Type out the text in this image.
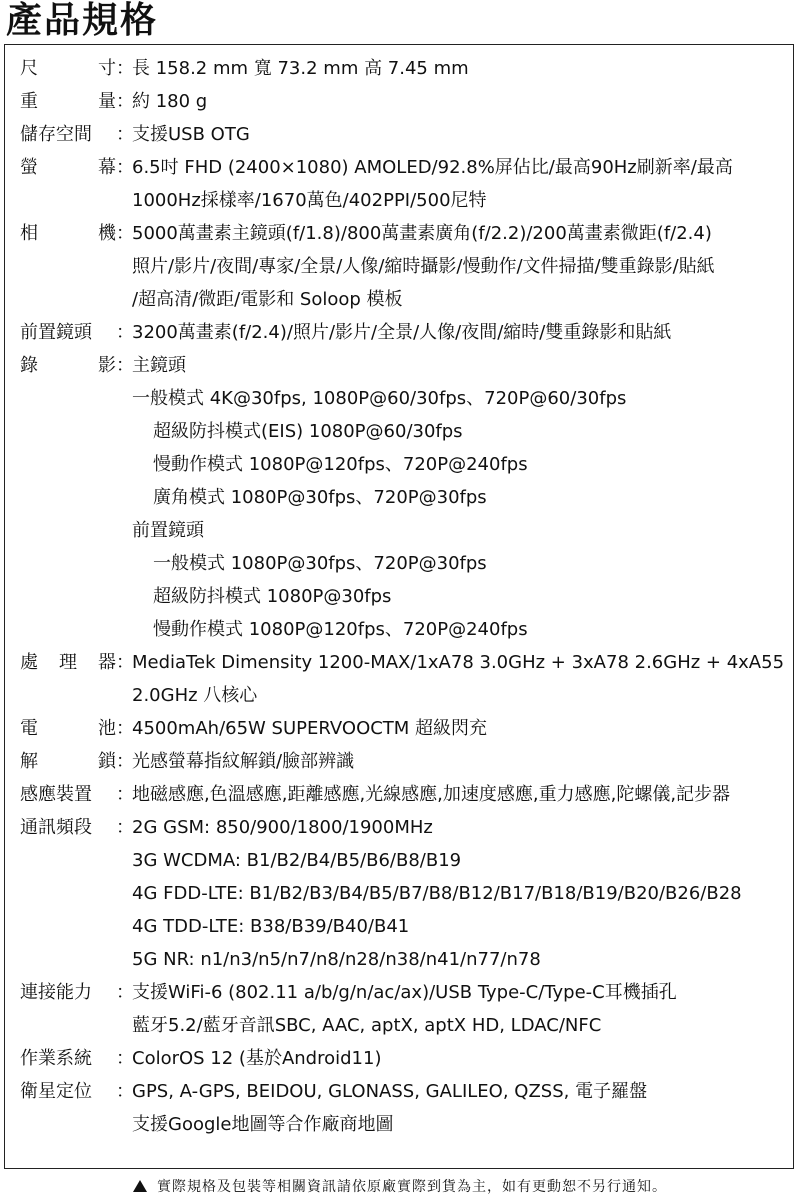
產品規格
尺	寸 ：
長 158.2 mm 寬 73.2 mm 高 7.45 mm
重	量 ：
約 180 g
儲存空間 ：
支援USB OTG
螢	幕 ：
6.5吋 FHD (2400×1080) AMOLED/92.8%屏佔比/最高90Hz刷新率/最高
1000Hz採樣率/1670萬色/402PPI/500尼特
相	機 ：
5000萬畫素主鏡頭(f/1.8)/800萬畫素廣角(f/2.2)/200萬畫素微距(f/2.4)
照片/影片/夜間/專家/全景/人像/縮時攝影/慢動作/文件掃描/雙重錄影/貼紙
/超高清/微距/電影和 Soloop 模板
前置鏡頭 ：
3200萬畫素(f/2.4)/照片/影片/全景/人像/夜間/縮時/雙重錄影和貼紙
錄	影 ：
主鏡頭
一般模式 4K@30fps, 1080P@60/30fps、720P@60/30fps
超級防抖模式(EIS) 1080P@60/30fps
慢動作模式 1080P@120fps、720P@240fps
廣角模式 1080P@30fps、720P@30fps
前置鏡頭
一般模式 1080P@30fps、720P@30fps
超級防抖模式 1080P@30fps
慢動作模式 1080P@120fps、720P@240fps
處 理 器 ：
MediaTek Dimensity 1200-MAX/1xA78 3.0GHz + 3xA78 2.6GHz + 4xA55
2.0GHz 八核心
電	池 ：
4500mAh/65W SUPERVOOCTM 超級閃充
解	鎖 ：
光感螢幕指紋解鎖/臉部辨識
感應裝置 ：
地磁感應,色溫感應,距離感應,光線感應,加速度感應,重力感應,陀螺儀,記步器
通訊頻段 ：
2G GSM: 850/900/1800/1900MHz
3G WCDMA: B1/B2/B4/B5/B6/B8/B19
4G FDD-LTE: B1/B2/B3/B4/B5/B7/B8/B12/B17/B18/B19/B20/B26/B28
4G TDD-LTE: B38/B39/B40/B41
5G NR: n1/n3/n5/n7/n8/n28/n38/n41/n77/n78
連接能力 ：
支援WiFi-6 (802.11 a/b/g/n/ac/ax)/USB Type-C/Type-C耳機插孔
藍牙5.2/藍牙音訊SBC, AAC, aptX, aptX HD, LDAC/NFC
作業系統 ：
ColorOS 12 (基於Android11)
衛星定位 ：
GPS, A-GPS, BEIDOU, GLONASS, GALILEO, QZSS, 電子羅盤
支援Google地圖等合作廠商地圖
實際規格及包裝等相關資訊請依原廠實際到貨為主，如有更動恕不另行通知。
